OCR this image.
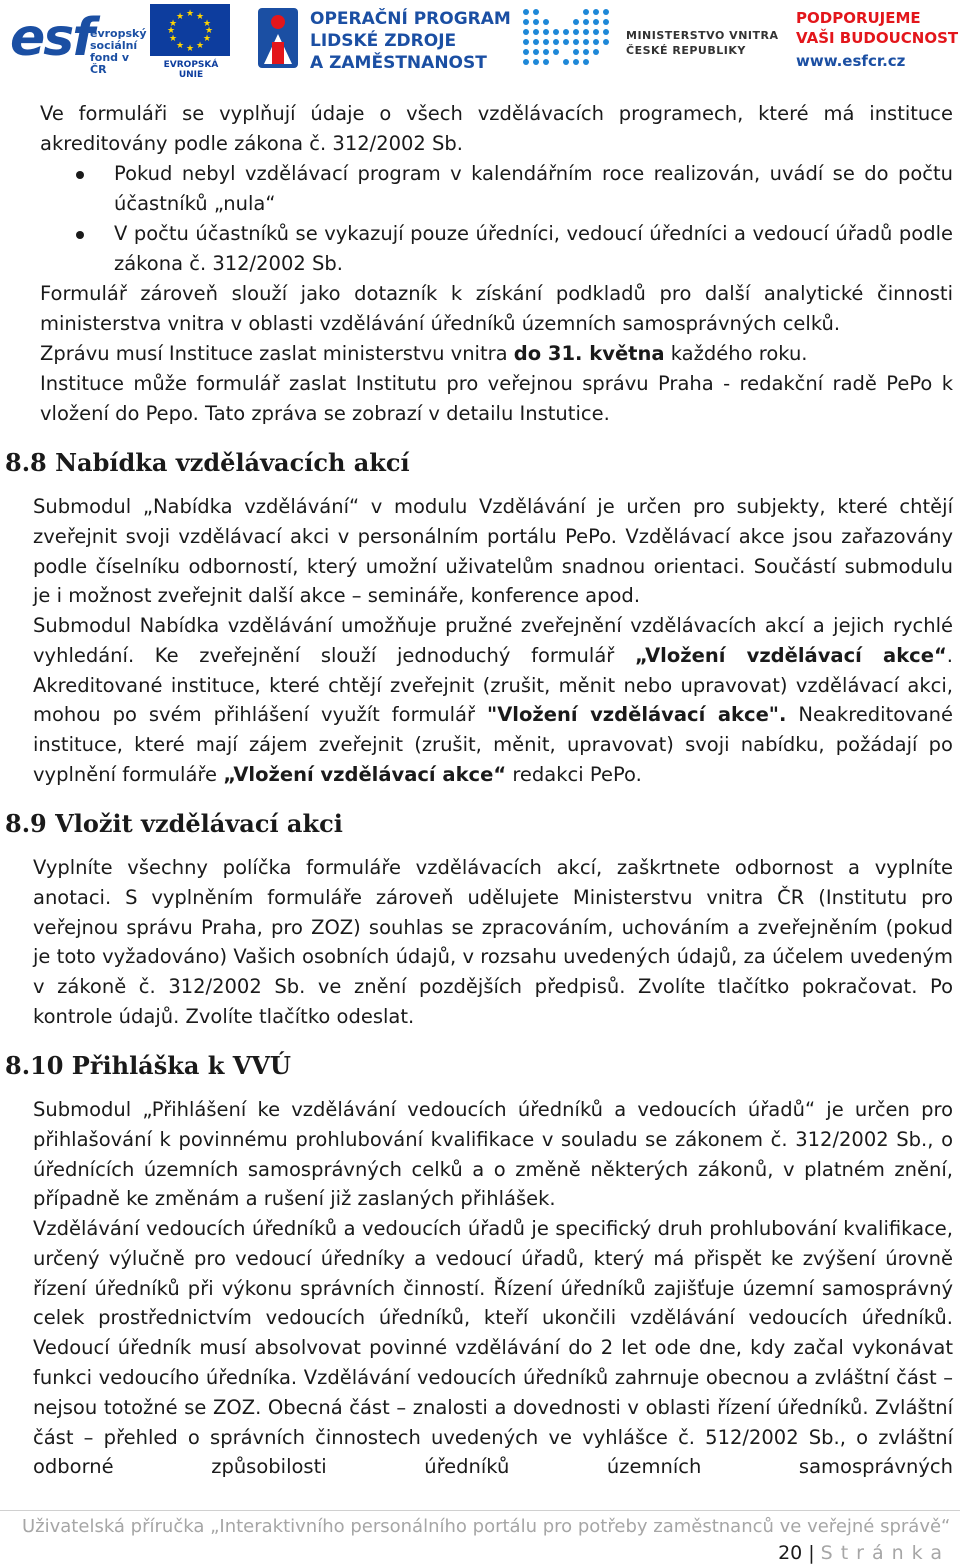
esf
evropský
sociální
fond v ČR
★ ★
★
★
★
★
★
★
★
★
★
★
EVROPSKÁ UNIE
OPERAČNÍ PROGRAM
LIDSKÉ ZDROJE
A ZAMĚSTNANOST
MINISTERSTVO VNITRA
ČESKÉ REPUBLIKY
PODPORUJEME
VAŠI BUDOUCNOST
www.esfcr.cz

Ve formuláři se vyplňují údaje o všech vzdělávacích programech, které má instituce akreditovány podle zákona č. 312/2002 Sb.

Pokud nebyl vzdělávací program v kalendářním roce realizován, uvádí se do počtu účastníků „nula“

V počtu účastníků se vykazují pouze úředníci, vedoucí úředníci a vedoucí úřadů podle zákona č. 312/2002 Sb.

Formulář zároveň slouží jako dotazník k získání podkladů pro další analytické činnosti ministerstva vnitra v oblasti vzdělávání úředníků územních samosprávných celků.

Zprávu musí Instituce zaslat ministerstvu vnitra do 31. května každého roku.

Instituce může formulář zaslat Institutu pro veřejnou správu Praha - redakční radě PePo k vložení do Pepo. Tato zpráva se zobrazí v detailu Instutice.

8.8 Nabídka vzdělávacích akcí

Submodul „Nabídka vzdělávání“ v modulu Vzdělávání je určen pro subjekty, které chtějí zveřejnit svoji vzdělávací akci v personálním portálu PePo. Vzdělávací akce jsou zařazovány podle číselníku odborností, který umožní uživatelům snadnou orientaci. Součástí submodulu je i možnost zveřejnit další akce – semináře, konference apod.

Submodul Nabídka vzdělávání umožňuje pružné zveřejnění vzdělávacích akcí a jejich rychlé vyhledání. Ke zveřejnění slouží jednoduchý formulář „Vložení vzdělávací akce“. Akreditované instituce, které chtějí zveřejnit (zrušit, měnit nebo upravovat) vzdělávací akci, mohou po svém přihlášení využít formulář "Vložení vzdělávací akce". Neakreditované instituce, které mají zájem zveřejnit (zrušit, měnit, upravovat) svoji nabídku, požádají po vyplnění formuláře „Vložení vzdělávací akce“ redakci PePo.

8.9 Vložit vzdělávací akci

Vyplníte všechny políčka formuláře vzdělávacích akcí, zaškrtnete odbornost a vyplníte anotaci. S vyplněním formuláře zároveň udělujete Ministerstvu vnitra ČR (Institutu pro veřejnou správu Praha, pro ZOZ) souhlas se zpracováním, uchováním a zveřejněním (pokud je toto vyžadováno) Vašich osobních údajů, v rozsahu uvedených údajů, za účelem uvedeným v zákoně č. 312/2002 Sb. ve znění pozdějších předpisů. Zvolíte tlačítko pokračovat. Po kontrole údajů. Zvolíte tlačítko odeslat.

8.10 Přihláška k VVÚ

Submodul „Přihlášení ke vzdělávání vedoucích úředníků a vedoucích úřadů“ je určen pro přihlašování k povinnému prohlubování kvalifikace v souladu se zákonem č. 312/2002 Sb., o úřednících územních samosprávných celků a o změně některých zákonů, v platném znění, případně ke změnám a rušení již zaslaných přihlášek.

Vzdělávání vedoucích úředníků a vedoucích úřadů je specifický druh prohlubování kvalifikace, určený výlučně pro vedoucí úředníky a vedoucí úřadů, který má přispět ke zvýšení úrovně řízení úředníků při výkonu správních činností. Řízení úředníků zajišťuje územní samosprávný celek prostřednictvím vedoucích úředníků, kteří ukončili vzdělávání vedoucích úředníků. Vedoucí úředník musí absolvovat povinné vzdělávání do 2 let ode dne, kdy začal vykonávat funkci vedoucího úředníka. Vzdělávání vedoucích úředníků zahrnuje obecnou a zvláštní část – nejsou totožné se ZOZ. Obecná část – znalosti a dovednosti v oblasti řízení úředníků. Zvláštní část – přehled o správních činnostech uvedených ve vyhlášce č. 512/2002 Sb., o zvláštní odborné způsobilosti úředníků územních samosprávných

Uživatelská příručka „Interaktivního personálního portálu pro potřeby zaměstnanců ve veřejné správě“
20 | Stránka
